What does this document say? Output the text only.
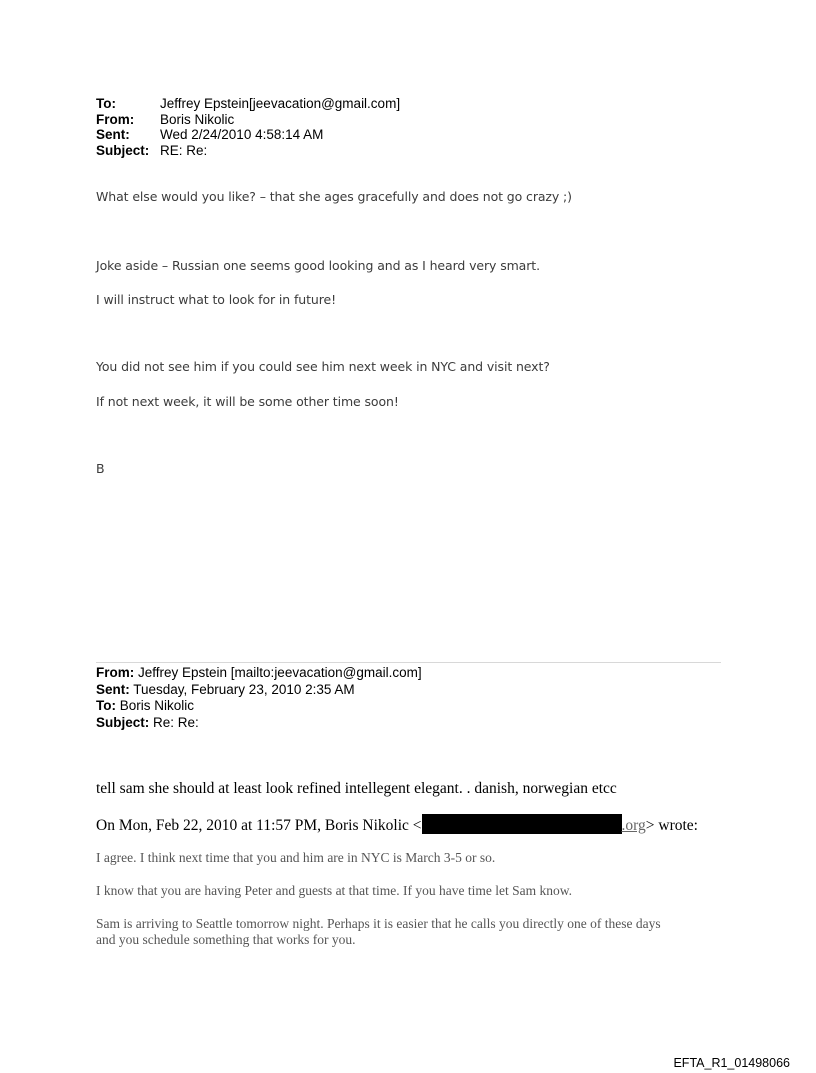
To:	Jeffrey Epstein[jeevacation@gmail.com]
From:	Boris Nikolic
Sent:	Wed 2/24/2010 4:58:14 AM
Subject: RE: Re:
What else would you like? – that she ages gracefully and does not go crazy ;)
Joke aside – Russian one seems good looking and as I heard very smart.
I will instruct what to look for in future!
You did not see him if you could see him next week in NYC and visit next?
If not next week, it will be some other time soon!
B
From: Jeffrey Epstein [mailto:jeevacation@gmail.com]
Sent: Tuesday, February 23, 2010 2:35 AM
To: Boris Nikolic
Subject: Re: Re:
tell sam she should at least look refined intellegent elegant. . danish, norwegian etcc
On Mon, Feb 22, 2010 at 11:57 PM, Boris Nikolic <	.org> wrote:
I agree. I think next time that you and him are in NYC is March 3-5 or so.
I know that you are having Peter and guests at that time. If you have time let Sam know.
Sam is arriving to Seattle tomorrow night. Perhaps it is easier that he calls you directly one of these days
and you schedule something that works for you.
EFTA_R1_01498066
